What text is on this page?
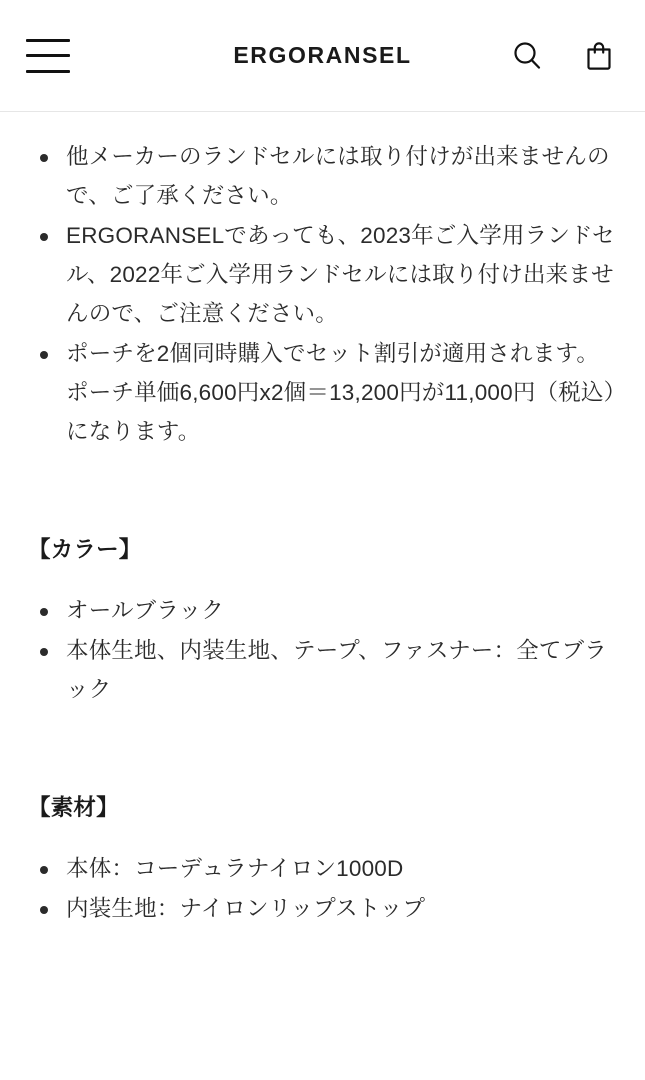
ERGORANSEL
他メーカーのランドセルには取り付けが出来ませんので、ご了承ください。
ERGORANSELであっても、2023年ご入学用ランドセル、2022年ご入学用ランドセルには取り付け出来ませんので、ご注意ください。
ポーチを2個同時購入でセット割引が適用されます。ポーチ単価6,600円x2個＝13,200円が11,000円（税込）になります。
【カラー】
オールブラック
本体生地、内装生地、テープ、ファスナー：全てブラック
【素材】
本体：コーデュラナイロン1000D
内装生地：ナイロンリップストップ
